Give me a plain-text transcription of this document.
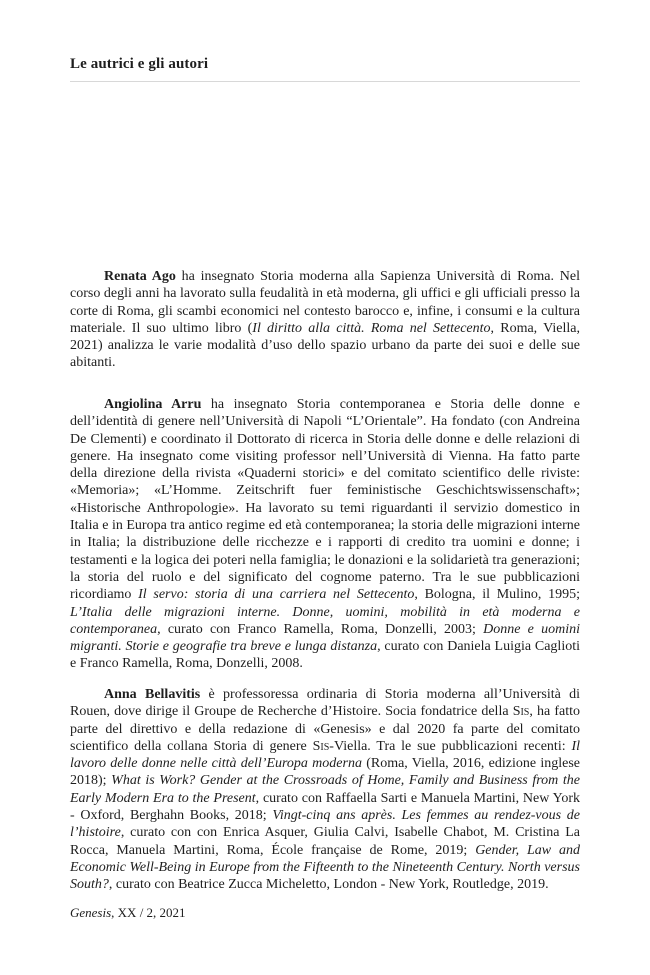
Le autrici e gli autori

Renata Ago ha insegnato Storia moderna alla Sapienza Università di Roma. Nel corso degli anni ha lavorato sulla feudalità in età moderna, gli uffici e gli ufficiali presso la corte di Roma, gli scambi economici nel contesto barocco e, infine, i consumi e la cultura materiale. Il suo ultimo libro (Il diritto alla città. Roma nel Settecento, Roma, Viella, 2021) analizza le varie modalità d’uso dello spazio urbano da parte dei suoi e delle sue abitanti.

Angiolina Arru ha insegnato Storia contemporanea e Storia delle donne e dell’identità di genere nell’Università di Napoli “L’Orientale”. Ha fondato (con Andreina De Clementi) e coordinato il Dottorato di ricerca in Storia delle donne e delle relazioni di genere. Ha insegnato come visiting professor nell’Università di Vienna. Ha fatto parte della direzione della rivista «Quaderni storici» e del comitato scientifico delle riviste: «Memoria»; «L’Homme. Zeitschrift fuer feministische Geschichtswissenschaft»; «Historische Anthropologie». Ha lavorato su temi riguardanti il servizio domestico in Italia e in Europa tra antico regime ed età contemporanea; la storia delle migrazioni interne in Italia; la distribuzione delle ricchezze e i rapporti di credito tra uomini e donne; i testamenti e la logica dei poteri nella famiglia; le donazioni e la solidarietà tra generazioni; la storia del ruolo e del significato del cognome paterno. Tra le sue pubblicazioni ricordiamo Il servo: storia di una carriera nel Settecento, Bologna, il Mulino, 1995; L’Italia delle migrazioni interne. Donne, uomini, mobilità in età moderna e contemporanea, curato con Franco Ramella, Roma, Donzelli, 2003; Donne e uomini migranti. Storie e geografie tra breve e lunga distanza, curato con Daniela Luigia Caglioti e Franco Ramella, Roma, Donzelli, 2008.

Anna Bellavitis è professoressa ordinaria di Storia moderna all’Università di Rouen, dove dirige il Groupe de Recherche d’Histoire. Socia fondatrice della Sis, ha fatto parte del direttivo e della redazione di «Genesis» e dal 2020 fa parte del comitato scientifico della collana Storia di genere Sis-Viella. Tra le sue pubblicazioni recenti: Il lavoro delle donne nelle città dell’Europa moderna (Roma, Viella, 2016, edizione inglese 2018); What is Work? Gender at the Crossroads of Home, Family and Business from the Early Modern Era to the Present, curato con Raffaella Sarti e Manuela Martini, New York - Oxford, Berghahn Books, 2018; Vingt-cinq ans après. Les femmes au rendez-vous de l’histoire, curato con con Enrica Asquer, Giulia Calvi, Isabelle Chabot, M. Cristina La Rocca, Manuela Martini, Roma, École française de Rome, 2019; Gender, Law and Economic Well-Being in Europe from the Fifteenth to the Nineteenth Century. North versus South?, curato con Beatrice Zucca Micheletto, London - New York, Routledge, 2019.

Genesis, XX / 2, 2021
